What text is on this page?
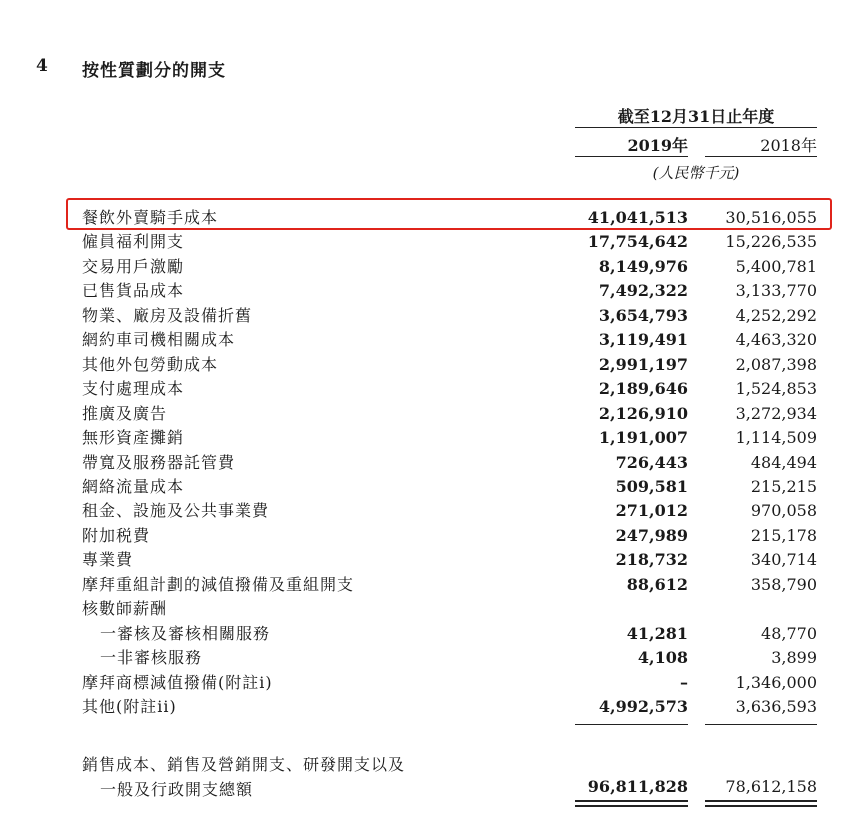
4 按性質劃分的開支
截至12月31日止年度
2019年	2018年
(人民幣千元)
餐飲外賣騎手成本	41,041,513	30,516,055
僱員福利開支	17,754,642	15,226,535
交易用戶激勵	8,149,976	5,400,781
已售貨品成本	7,492,322	3,133,770
物業、廠房及設備折舊	3,654,793	4,252,292
網約車司機相關成本	3,119,491	4,463,320
其他外包勞動成本	2,991,197	2,087,398
支付處理成本	2,189,646	1,524,853
推廣及廣告	2,126,910	3,272,934
無形資產攤銷	1,191,007	1,114,509
帶寬及服務器託管費	726,443	484,494
網絡流量成本	509,581	215,215
租金、設施及公共事業費	271,012	970,058
附加税費	247,989	215,178
專業費	218,732	340,714
摩拜重組計劃的減值撥備及重組開支	88,612	358,790
核數師薪酬
一審核及審核相關服務	41,281	48,770
一非審核服務	4,108	3,899
摩拜商標減值撥備(附註i)	–	1,346,000
其他(附註ii)	4,992,573	3,636,593
銷售成本、銷售及營銷開支、研發開支以及
一般及行政開支總額	96,811,828	78,612,158
